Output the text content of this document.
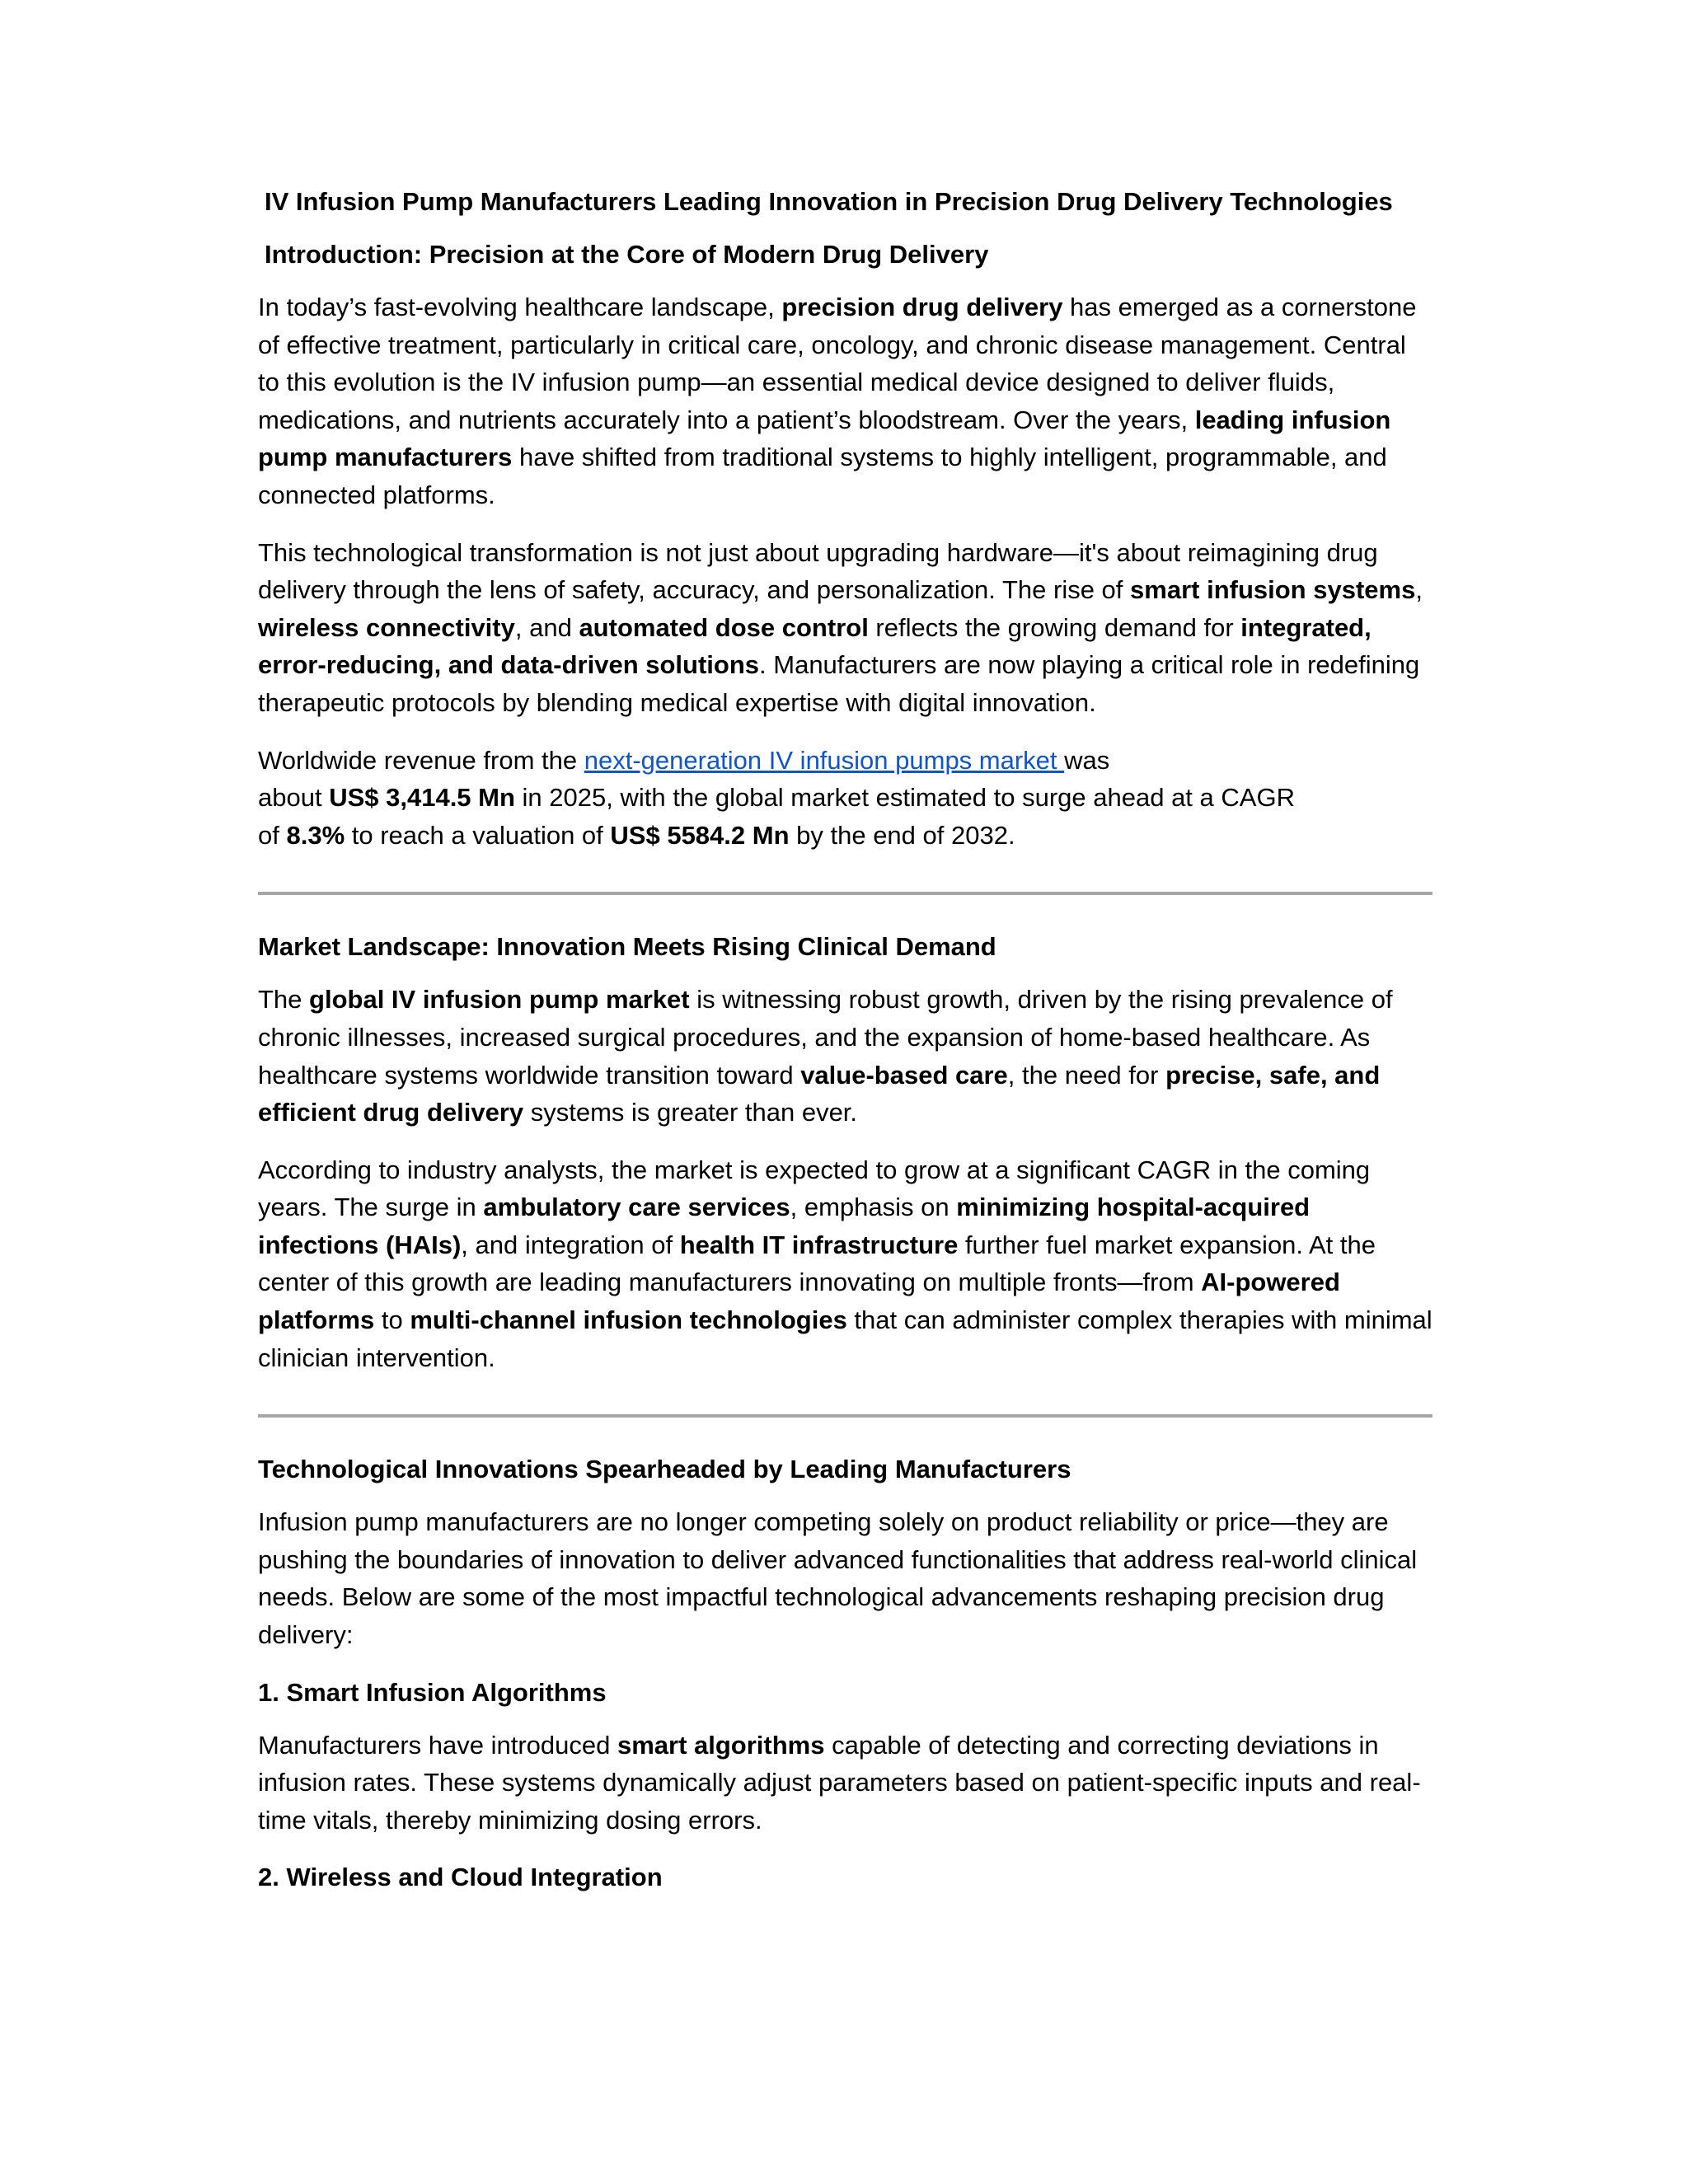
IV Infusion Pump Manufacturers Leading Innovation in Precision Drug Delivery Technologies
Introduction: Precision at the Core of Modern Drug Delivery

In today’s fast-evolving healthcare landscape, precision drug delivery has emerged as a cornerstone of effective treatment, particularly in critical care, oncology, and chronic disease management. Central to this evolution is the IV infusion pump—an essential medical device designed to deliver fluids, medications, and nutrients accurately into a patient’s bloodstream. Over the years, leading infusion pump manufacturers have shifted from traditional systems to highly intelligent, programmable, and connected platforms.

This technological transformation is not just about upgrading hardware—it's about reimagining drug delivery through the lens of safety, accuracy, and personalization. The rise of smart infusion systems, wireless connectivity, and automated dose control reflects the growing demand for integrated, error-reducing, and data-driven solutions. Manufacturers are now playing a critical role in redefining therapeutic protocols by blending medical expertise with digital innovation.

Worldwide revenue from the next-generation IV infusion pumps market was
about US$ 3,414.5 Mn in 2025, with the global market estimated to surge ahead at a CAGR
of 8.3% to reach a valuation of US$ 5584.2 Mn by the end of 2032.

Market Landscape: Innovation Meets Rising Clinical Demand

The global IV infusion pump market is witnessing robust growth, driven by the rising prevalence of chronic illnesses, increased surgical procedures, and the expansion of home-based healthcare. As healthcare systems worldwide transition toward value-based care, the need for precise, safe, and efficient drug delivery systems is greater than ever.

According to industry analysts, the market is expected to grow at a significant CAGR in the coming years. The surge in ambulatory care services, emphasis on minimizing hospital-acquired infections (HAIs), and integration of health IT infrastructure further fuel market expansion. At the center of this growth are leading manufacturers innovating on multiple fronts—from AI-powered platforms to multi-channel infusion technologies that can administer complex therapies with minimal clinician intervention.

Technological Innovations Spearheaded by Leading Manufacturers

Infusion pump manufacturers are no longer competing solely on product reliability or price—they are pushing the boundaries of innovation to deliver advanced functionalities that address real-world clinical needs. Below are some of the most impactful technological advancements reshaping precision drug delivery:

1. Smart Infusion Algorithms

Manufacturers have introduced smart algorithms capable of detecting and correcting deviations in infusion rates. These systems dynamically adjust parameters based on patient-specific inputs and real-time vitals, thereby minimizing dosing errors.

2. Wireless and Cloud Integration
